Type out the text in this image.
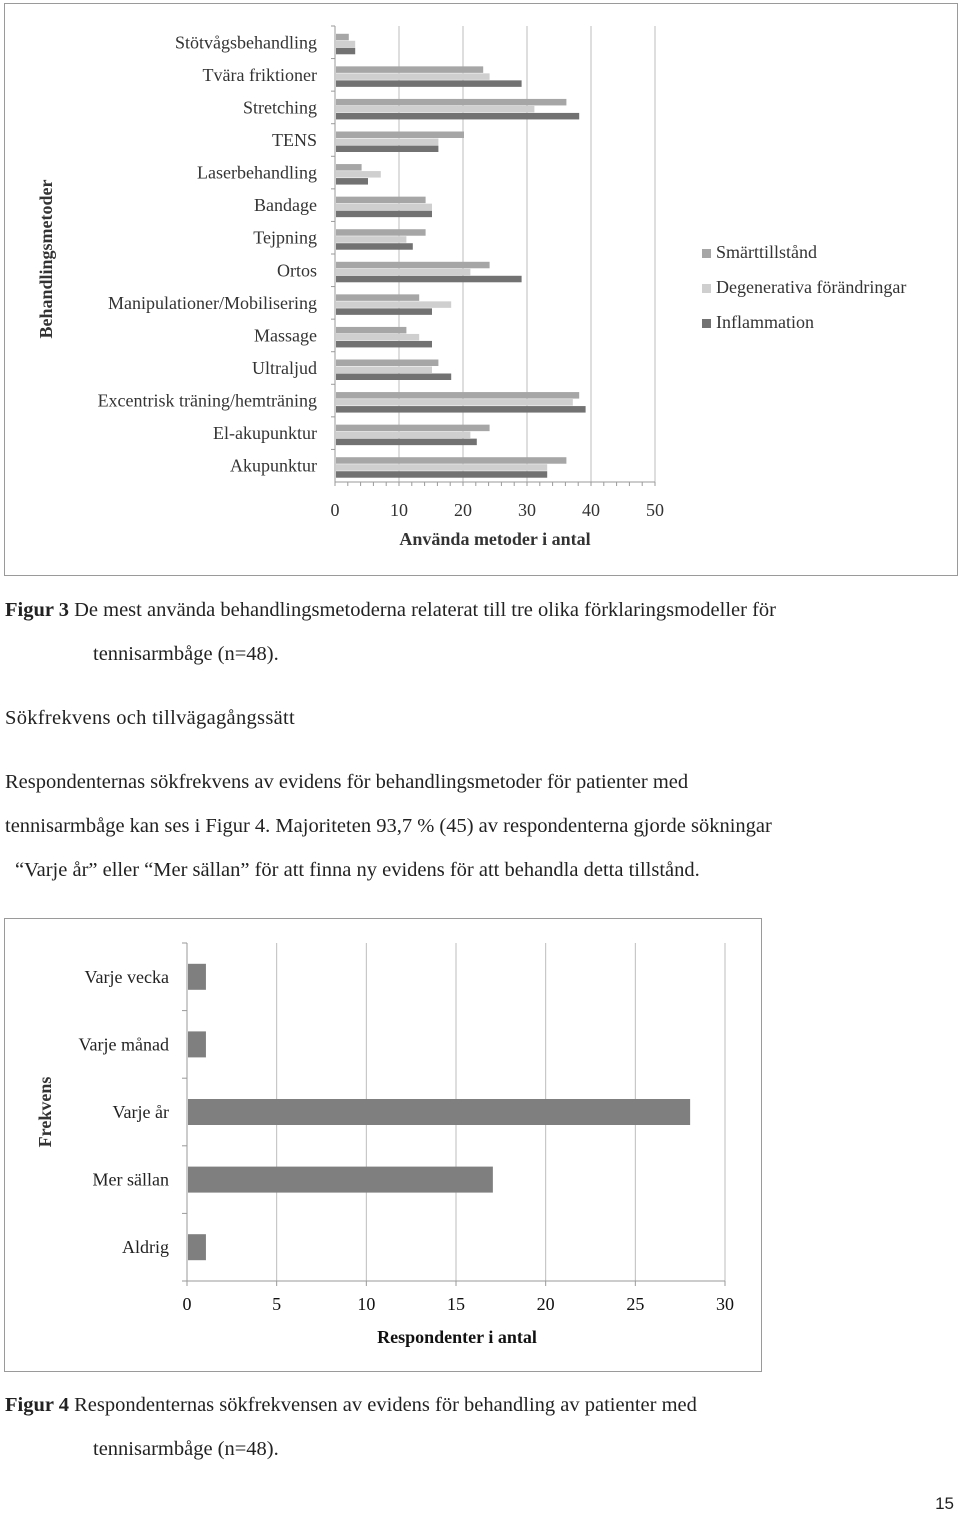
Behandlingsmetoder
Använda metoder i antal
Stötvågsbehandling
Tvära friktioner
Stretching
TENS
Laserbehandling
Bandage
Tejpning
Ortos
Manipulationer/Mobilisering
Massage
Ultraljud
Excentrisk träning/hemträning
El-akupunktur
Akupunktur
0	10	20	30	40	50
Smärttillstånd
Degenerativa förändringar
Inflammation
Figur 3 De mest använda behandlingsmetoderna relaterat till tre olika förklaringsmodeller för
tennisarmbåge (n=48).
Sökfrekvens och tillvägagångssätt
Respondenternas sökfrekvens av evidens för behandlingsmetoder för patienter med
tennisarmbåge kan ses i Figur 4. Majoriteten 93,7 % (45) av respondenterna gjorde sökningar
“Varje år” eller “Mer sällan” för att finna ny evidens för att behandla detta tillstånd.
Frekvens
Respondenter i antal
Varje vecka
Varje månad
Varje år
Mer sällan
Aldrig
0	5	10	15	20	25	30
Figur 4 Respondenternas sökfrekvensen av evidens för behandling av patienter med
tennisarmbåge (n=48).
15
